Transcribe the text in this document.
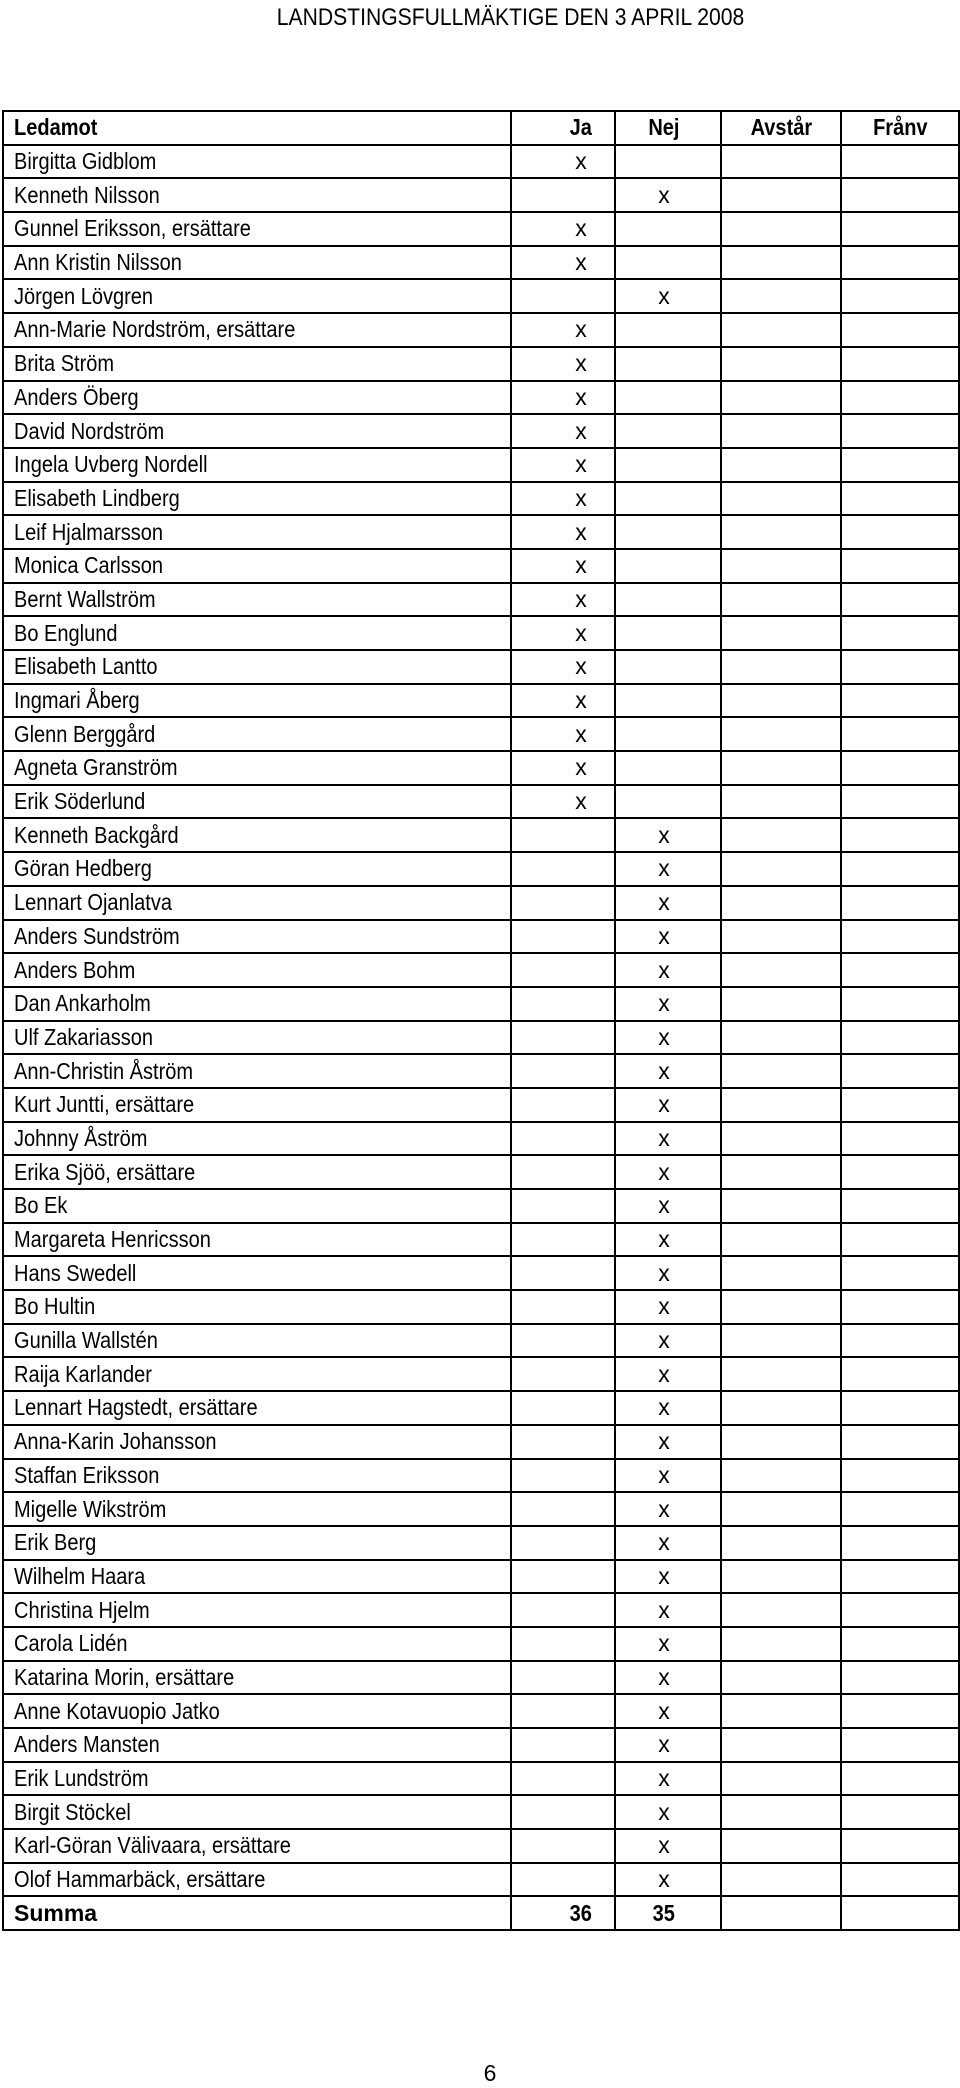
LANDSTINGSFULLMÄKTIGE DEN 3 APRIL 2008
Ledamot	Ja	Nej	Avstår	Frånv
Birgitta Gidblom	x			
Kenneth Nilsson		x		
Gunnel Eriksson, ersättare	x			
Ann Kristin Nilsson	x			
Jörgen Lövgren		x		
Ann-Marie Nordström, ersättare	x			
Brita Ström	x			
Anders Öberg	x			
David Nordström	x			
Ingela Uvberg Nordell	x			
Elisabeth Lindberg	x			
Leif Hjalmarsson	x			
Monica Carlsson	x			
Bernt Wallström	x			
Bo Englund	x			
Elisabeth Lantto	x			
Ingmari Åberg	x			
Glenn Berggård	x			
Agneta Granström	x			
Erik Söderlund	x			
Kenneth Backgård		x		
Göran Hedberg		x		
Lennart Ojanlatva		x		
Anders Sundström		x		
Anders Bohm		x		
Dan Ankarholm		x		
Ulf Zakariasson		x		
Ann-Christin Åström		x		
Kurt Juntti, ersättare		x		
Johnny Åström		x		
Erika Sjöö, ersättare		x		
Bo Ek		x		
Margareta Henricsson		x		
Hans Swedell		x		
Bo Hultin		x		
Gunilla Wallstén		x		
Raija Karlander		x		
Lennart Hagstedt, ersättare		x		
Anna-Karin Johansson		x		
Staffan Eriksson		x		
Migelle Wikström		x		
Erik Berg		x		
Wilhelm Haara		x		
Christina Hjelm		x		
Carola Lidén		x		
Katarina Morin, ersättare		x		
Anne Kotavuopio Jatko		x		
Anders Mansten		x		
Erik Lundström		x		
Birgit Stöckel		x		
Karl-Göran Välivaara, ersättare		x		
Olof Hammarbäck, ersättare		x		
Summa	36	35		
6
